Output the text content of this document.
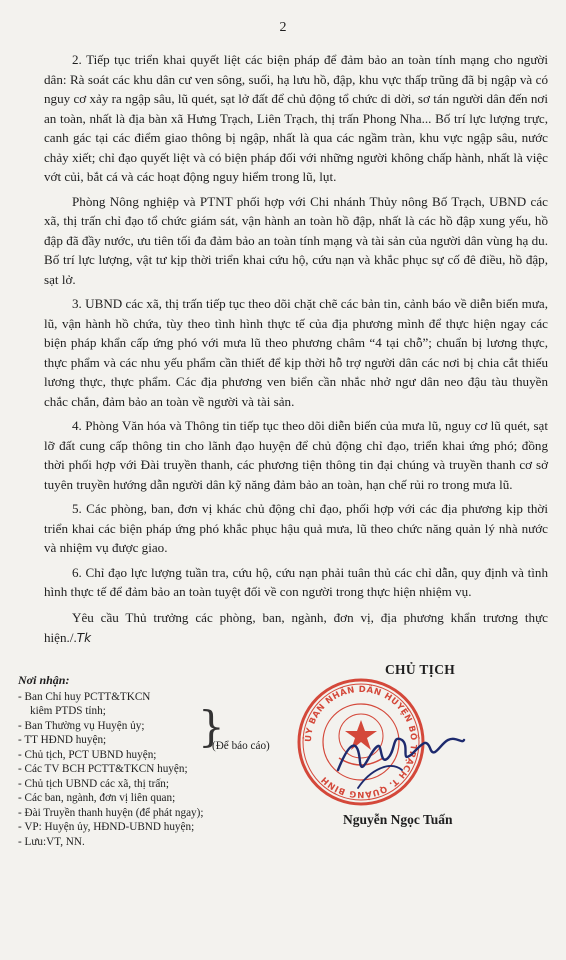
2

2. Tiếp tục triển khai quyết liệt các biện pháp để đảm bảo an toàn tính mạng cho người dân: Rà soát các khu dân cư ven sông, suối, hạ lưu hồ, đập, khu vực thấp trũng đã bị ngập và có nguy cơ xảy ra ngập sâu, lũ quét, sạt lở đất để chủ động tổ chức di dời, sơ tán người dân đến nơi an toàn, nhất là địa bàn xã Hưng Trạch, Liên Trạch, thị trấn Phong Nha... Bố trí lực lượng trực, canh gác tại các điểm giao thông bị ngập, nhất là qua các ngầm tràn, khu vực ngập sâu, nước chảy xiết; chỉ đạo quyết liệt và có biện pháp đối với những người không chấp hành, nhất là việc vớt củi, bắt cá và các hoạt động nguy hiểm trong lũ, lụt.

Phòng Nông nghiệp và PTNT phối hợp với Chi nhánh Thủy nông Bố Trạch, UBND các xã, thị trấn chỉ đạo tổ chức giám sát, vận hành an toàn hồ đập, nhất là các hồ đập xung yếu, hồ đập đã đầy nước, ưu tiên tối đa đảm bảo an toàn tính mạng và tài sản của người dân vùng hạ du. Bố trí lực lượng, vật tư kịp thời triển khai cứu hộ, cứu nạn và khắc phục sự cố đê điều, hồ đập, sạt lở.

3. UBND các xã, thị trấn tiếp tục theo dõi chặt chẽ các bản tin, cảnh báo về diễn biến mưa, lũ, vận hành hồ chứa, tùy theo tình hình thực tế của địa phương mình để thực hiện ngay các biện pháp khẩn cấp ứng phó với mưa lũ theo phương châm “4 tại chỗ”; chuẩn bị lương thực, thực phẩm và các nhu yếu phẩm cần thiết để kịp thời hỗ trợ người dân các nơi bị chia cắt thiếu lương thực, thực phẩm. Các địa phương ven biển cần nhắc nhở ngư dân neo đậu tàu thuyền chắc chắn, đảm bảo an toàn về người và tài sản.

4. Phòng Văn hóa và Thông tin tiếp tục theo dõi diễn biến của mưa lũ, nguy cơ lũ quét, sạt lỡ đất cung cấp thông tin cho lãnh đạo huyện để chủ động chỉ đạo, triển khai ứng phó; đồng thời phối hợp với Đài truyền thanh, các phương tiện thông tin đại chúng và truyền thanh cơ sở tuyên truyền hướng dẫn người dân kỹ năng đảm bảo an toàn, hạn chế rủi ro trong mưa lũ.

5. Các phòng, ban, đơn vị khác chủ động chỉ đạo, phối hợp với các địa phương kịp thời triển khai các biện pháp ứng phó khắc phục hậu quả mưa, lũ theo chức năng quản lý nhà nước và nhiệm vụ được giao.

6. Chỉ đạo lực lượng tuần tra, cứu hộ, cứu nạn phải tuân thủ các chỉ dẫn, quy định và tình hình thực tế để đảm bảo an toàn tuyệt đối về con người trong thực hiện nhiệm vụ.

Yêu cầu Thủ trưởng các phòng, ban, ngành, đơn vị, địa phương khẩn trương thực hiện./.Tk
Nơi nhận:
- Ban Chỉ huy PCTT&TKCN
kiêm PTDS tỉnh;
- Ban Thường vụ Huyện ủy;
- TT HĐND huyện;
- Chủ tịch, PCT UBND huyện;
- Các TV BCH PCTT&TKCN huyện;
- Chủ tịch UBND các xã, thị trấn;
- Các ban, ngành, đơn vị liên quan;
- Đài Truyền thanh huyện (để phát ngay);
- VP: Huyện ủy, HĐND-UBND huyện;
- Lưu:VT, NN.
}
(Để báo cáo)
CHỦ TỊCH
ỦY BAN NHÂN DÂN HUYỆN BỐ TRẠCH T. QUẢNG BÌNH
Nguyễn Ngọc Tuấn
